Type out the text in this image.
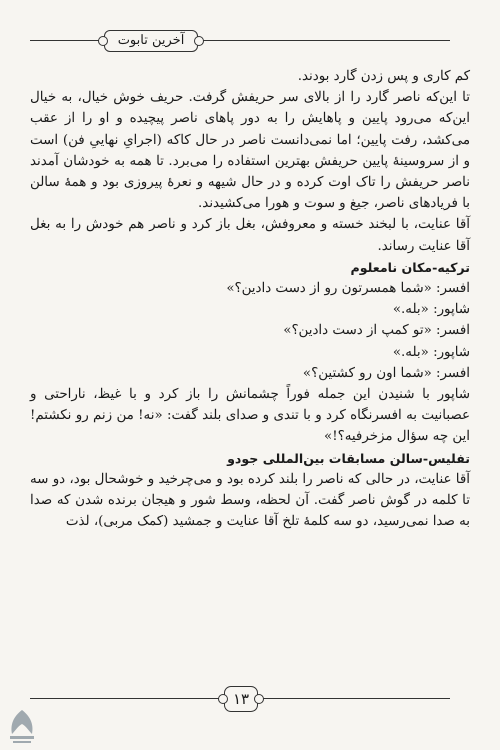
آخرین تابوت

کم کاری و پس زدن گارد بودند.

تا این‌که ناصر گارد را از بالای سر حریفش گرفت. حریف خوش خیال، به خیال این‌که می‌رود پایین و پاهایش را به دور پاهای ناصر پیچیده و او را از عقب می‌کشد، رفت پایین؛ اما نمی‌دانست ناصر در حال کاکه (اجرایِ نهاییِ فن) است و از سروسینهٔ پایین حریفش بهترین استفاده را می‌برد. تا همه به خودشان آمدند ناصر حریفش را تاک اوت کرده و در حال شیهه و نعرهٔ پیروزی بود و همهٔ سالن با فریادهای ناصر، جیغ و سوت و هورا می‌کشیدند.

آقا عنایت، با لبخند خسته و معروفش، بغل باز کرد و ناصر هم خودش را به بغل آقا عنایت رساند.

ترکیه-مکان نامعلوم

افسر: «شما همسرتون رو از دست دادین؟»

شاپور: «بله.»

افسر: «تو کمپ از دست دادین؟»

شاپور: «بله.»

افسر: «شما اون رو کشتین؟»

شاپور با شنیدن این جمله فوراً چشمانش را باز کرد و با غیظ، ناراحتی و عصبانیت به افسرنگاه کرد و با تندی و صدای بلند گفت: «نه! من زنم رو نکشتم! این چه سؤال مزخرفیه؟!»

تفلیس-سالن مسابقات بین‌المللی جودو

آقا عنایت، در حالی که ناصر را بلند کرده بود و می‌چرخید و خوشحال بود، دو سه تا کلمه در گوش ناصر گفت. آن لحظه، وسط شور و هیجان برنده شدن که صدا به صدا نمی‌رسید، دو سه کلمهٔ تلخ آقا عنایت و جمشید (کمک مربی)، لذت

۱۳
